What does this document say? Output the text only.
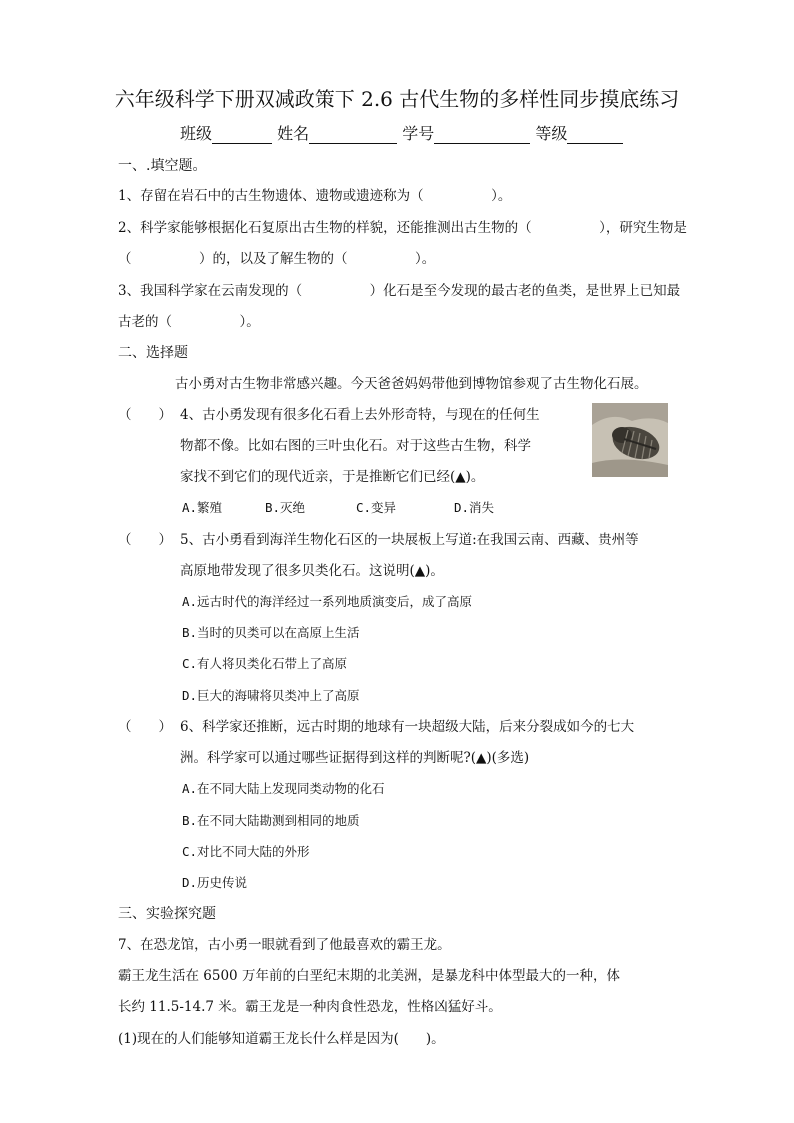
六年级科学下册双减政策下 2.6 古代生物的多样性同步摸底练习
班级	姓名	学号	等级
一、.填空题。
1、存留在岩石中的古生物遗体、遗物或遗迹称为（　　　　　）。
2、科学家能够根据化石复原出古生物的样貌，还能推测出古生物的（　　　　　），研究生物是
（　　　　　）的，以及了解生物的（　　　　　）。
3、我国科学家在云南发现的（　　　　　）化石是至今发现的最古老的鱼类，是世界上已知最
古老的（　　　　　）。
二、选择题
古小勇对古生物非常感兴趣。今天爸爸妈妈带他到博物馆参观了古生物化石展。
（　　） 4、古小勇发现有很多化石看上去外形奇特，与现在的任何生
物都不像。比如右图的三叶虫化石。对于这些古生物，科学
家找不到它们的现代近亲，于是推断它们已经(▲)。
A.繁殖	B.灭绝	C.变异	D.消失
（　　） 5、古小勇看到海洋生物化石区的一块展板上写道:在我国云南、西藏、贵州等
高原地带发现了很多贝类化石。这说明(▲)。
A.远古时代的海洋经过一系列地质演变后，成了高原
B.当时的贝类可以在高原上生活
C.有人将贝类化石带上了高原
D.巨大的海啸将贝类冲上了高原
（　　） 6、科学家还推断，远古时期的地球有一块超级大陆，后来分裂成如今的七大
洲。科学家可以通过哪些证据得到这样的判断呢?(▲)(多选)
A.在不同大陆上发现同类动物的化石
B.在不同大陆勘测到相同的地质
C.对比不同大陆的外形
D.历史传说
三、实验探究题
7、在恐龙馆，古小勇一眼就看到了他最喜欢的霸王龙。
霸王龙生活在 6500 万年前的白垩纪末期的北美洲，是暴龙科中体型最大的一种，体
长约 11.5-14.7 米。霸王龙是一种肉食性恐龙，性格凶猛好斗。
(1)现在的人们能够知道霸王龙长什么样是因为(　　)。
